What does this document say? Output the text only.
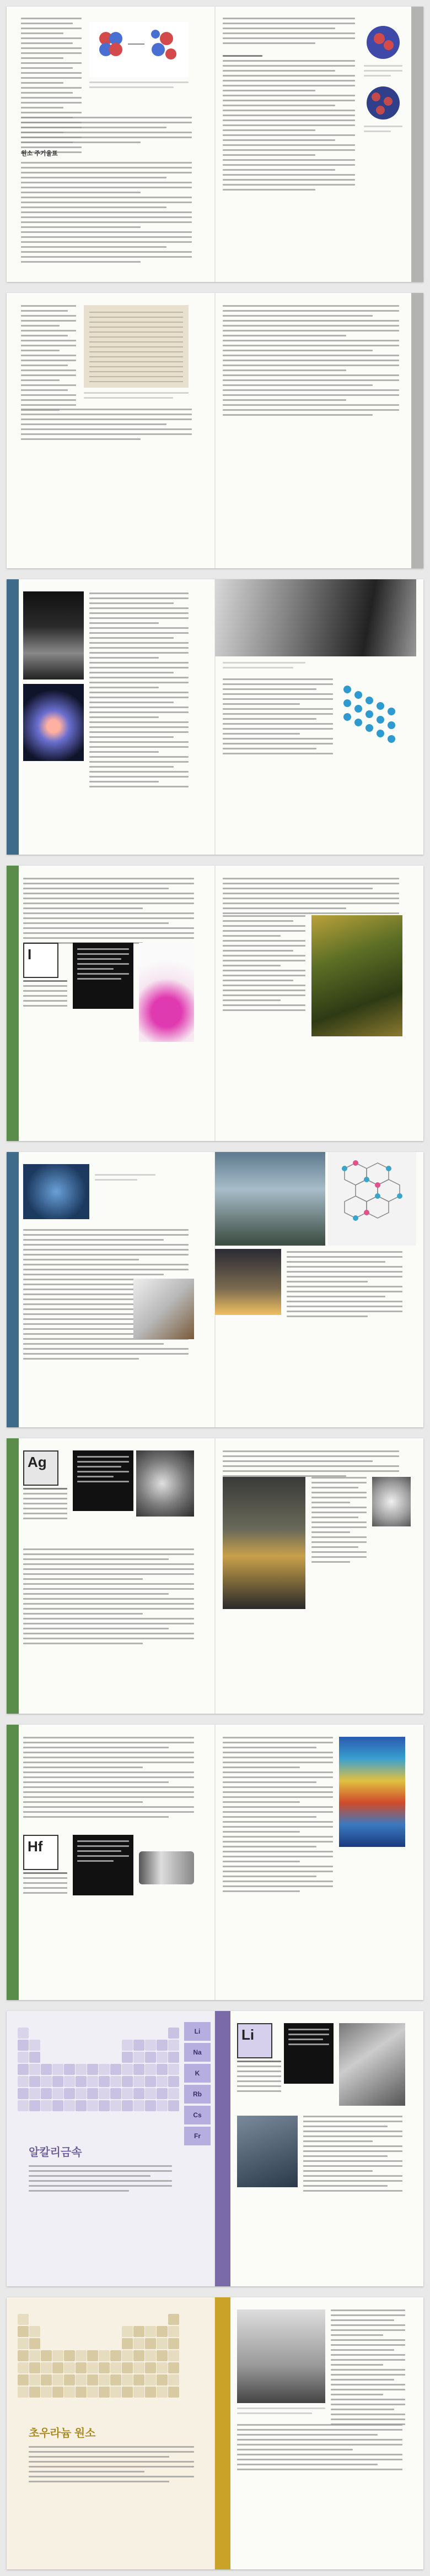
원소 주기율표
I
Ag
Hf
알칼리금속
Li
Na
K
Rb
Cs
Fr
Li
초우라늄 원소
